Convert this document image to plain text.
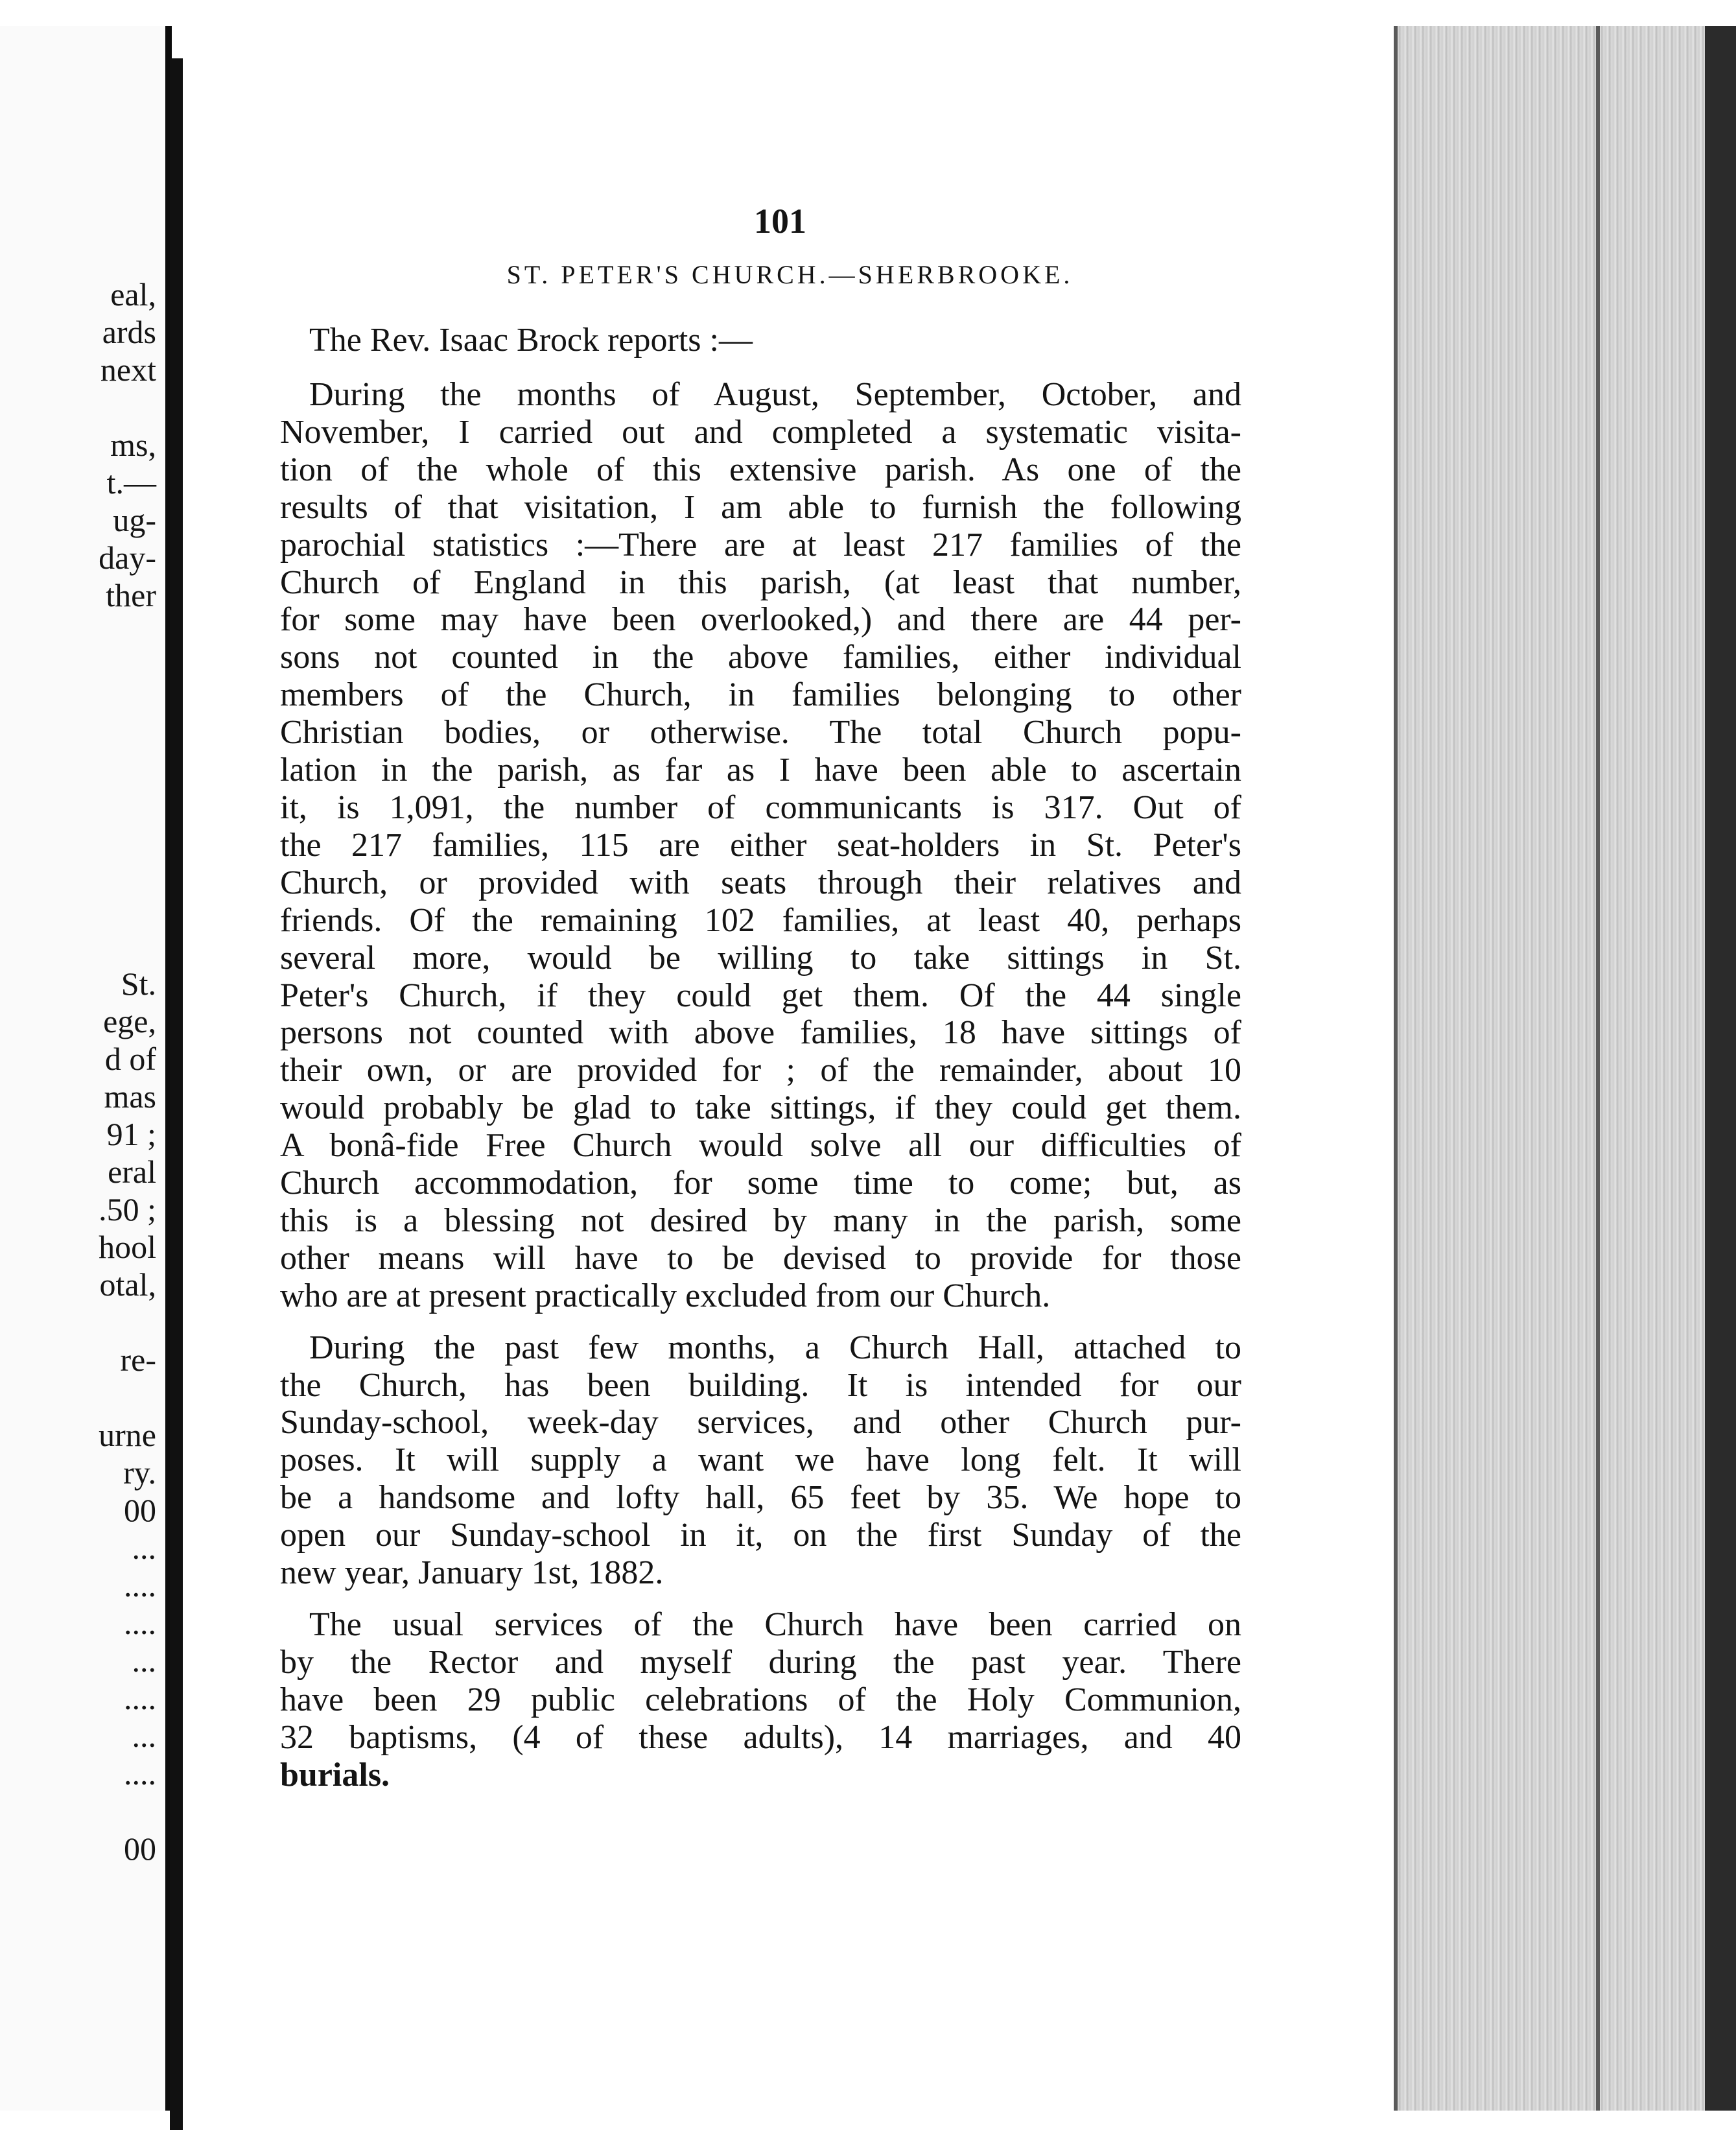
eal,
ards
next

ms,
t.—
ug-
day-
ther
St.
ege,
d of
mas
91 ;
eral
.50 ;
hool
otal,

re-

urne
ry.
00
...
....
....
...
....
...
....

00
101
ST. PETER'S CHURCH.—SHERBROOKE.
The Rev. Isaac Brock reports :—
During the months of August, September, October, and
November, I carried out and completed a systematic visita-
tion of the whole of this extensive parish. As one of the
results of that visitation, I am able to furnish the following
parochial statistics :—There are at least 217 families of the
Church of England in this parish, (at least that number,
for some may have been overlooked,) and there are 44 per-
sons not counted in the above families, either individual
members of the Church, in families belonging to other
Christian bodies, or otherwise. The total Church popu-
lation in the parish, as far as I have been able to ascertain
it, is 1,091, the number of communicants is 317. Out of
the 217 families, 115 are either seat-holders in St. Peter's
Church, or provided with seats through their relatives and
friends. Of the remaining 102 families, at least 40, perhaps
several more, would be willing to take sittings in St.
Peter's Church, if they could get them. Of the 44 single
persons not counted with above families, 18 have sittings of
their own, or are provided for ; of the remainder, about 10
would probably be glad to take sittings, if they could get them.
A bonâ-fide Free Church would solve all our difficulties of
Church accommodation, for some time to come; but, as
this is a blessing not desired by many in the parish, some
other means will have to be devised to provide for those
who are at present practically excluded from our Church.
During the past few months, a Church Hall, attached to
the Church, has been building. It is intended for our
Sunday-school, week-day services, and other Church pur-
poses. It will supply a want we have long felt. It will
be a handsome and lofty hall, 65 feet by 35. We hope to
open our Sunday-school in it, on the first Sunday of the
new year, January 1st, 1882.
The usual services of the Church have been carried on
by the Rector and myself during the past year. There
have been 29 public celebrations of the Holy Communion,
32 baptisms, (4 of these adults), 14 marriages, and 40
burials.
